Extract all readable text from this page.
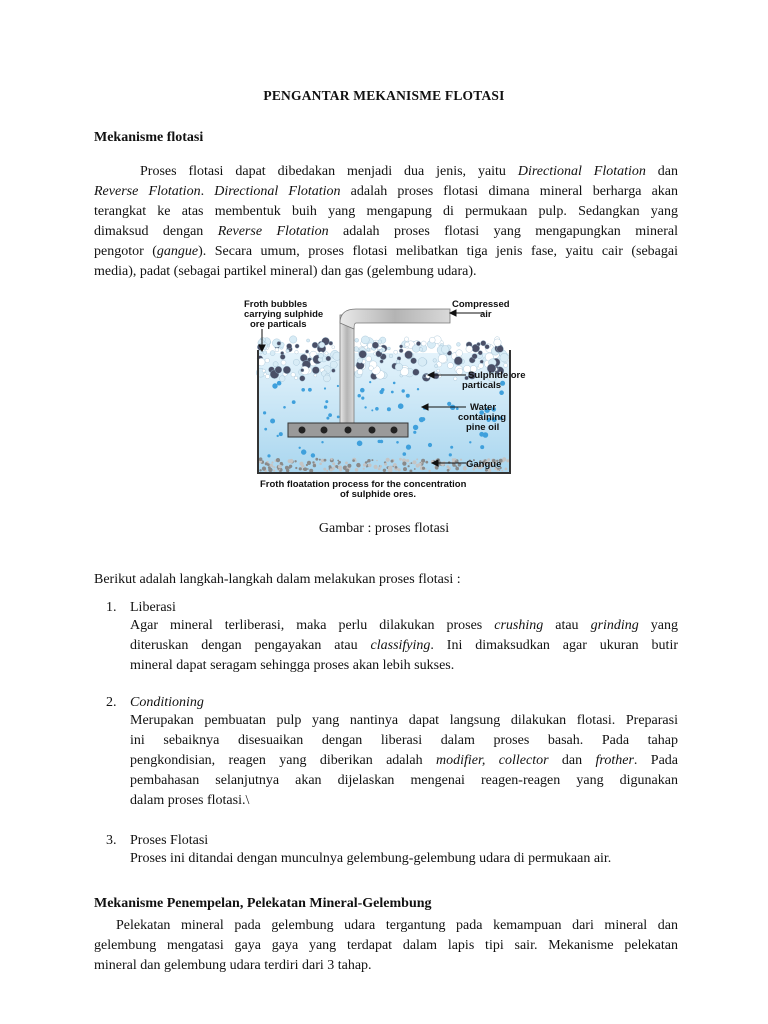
PENGANTAR MEKANISME FLOTASI
Mekanisme flotasi
Proses flotasi dapat dibedakan menjadi dua jenis, yaitu Directional Flotation dan
Reverse Flotation. Directional Flotation adalah proses flotasi dimana mineral berharga akan
terangkat ke atas membentuk buih yang mengapung di permukaan pulp. Sedangkan yang
dimaksud dengan Reverse Flotation adalah proses flotasi yang mengapungkan mineral
pengotor (gangue). Secara umum, proses flotasi melibatkan tiga jenis fase, yaitu cair (sebagai
media), padat (sebagai partikel mineral) dan gas (gelembung udara).
Froth bubbles
carrying sulphide
ore particals
Compressed
air
Sulphide ore
particals
Water
containing
pine oil
Gangue
Froth floatation process for the concentration
of sulphide ores.
Gambar : proses flotasi
Berikut adalah langkah-langkah dalam melakukan proses flotasi :
1. Liberasi
Agar mineral terliberasi, maka perlu dilakukan proses crushing atau grinding yang
diteruskan dengan pengayakan atau classifying. Ini dimaksudkan agar ukuran butir
mineral dapat seragam sehingga proses akan lebih sukses.
2. Conditioning
Merupakan pembuatan pulp yang nantinya dapat langsung dilakukan flotasi. Preparasi
ini sebaiknya disesuaikan dengan liberasi dalam proses basah. Pada tahap
pengkondisian, reagen yang diberikan adalah modifier, collector dan frother. Pada
pembahasan selanjutnya akan dijelaskan mengenai reagen-reagen yang digunakan
dalam proses flotasi.\
3. Proses Flotasi
Proses ini ditandai dengan munculnya gelembung-gelembung udara di permukaan air.
Mekanisme Penempelan, Pelekatan Mineral-Gelembung
Pelekatan mineral pada gelembung udara tergantung pada kemampuan dari mineral dan
gelembung mengatasi gaya gaya yang terdapat dalam lapis tipi sair. Mekanisme pelekatan
mineral dan gelembung udara terdiri dari 3 tahap.
